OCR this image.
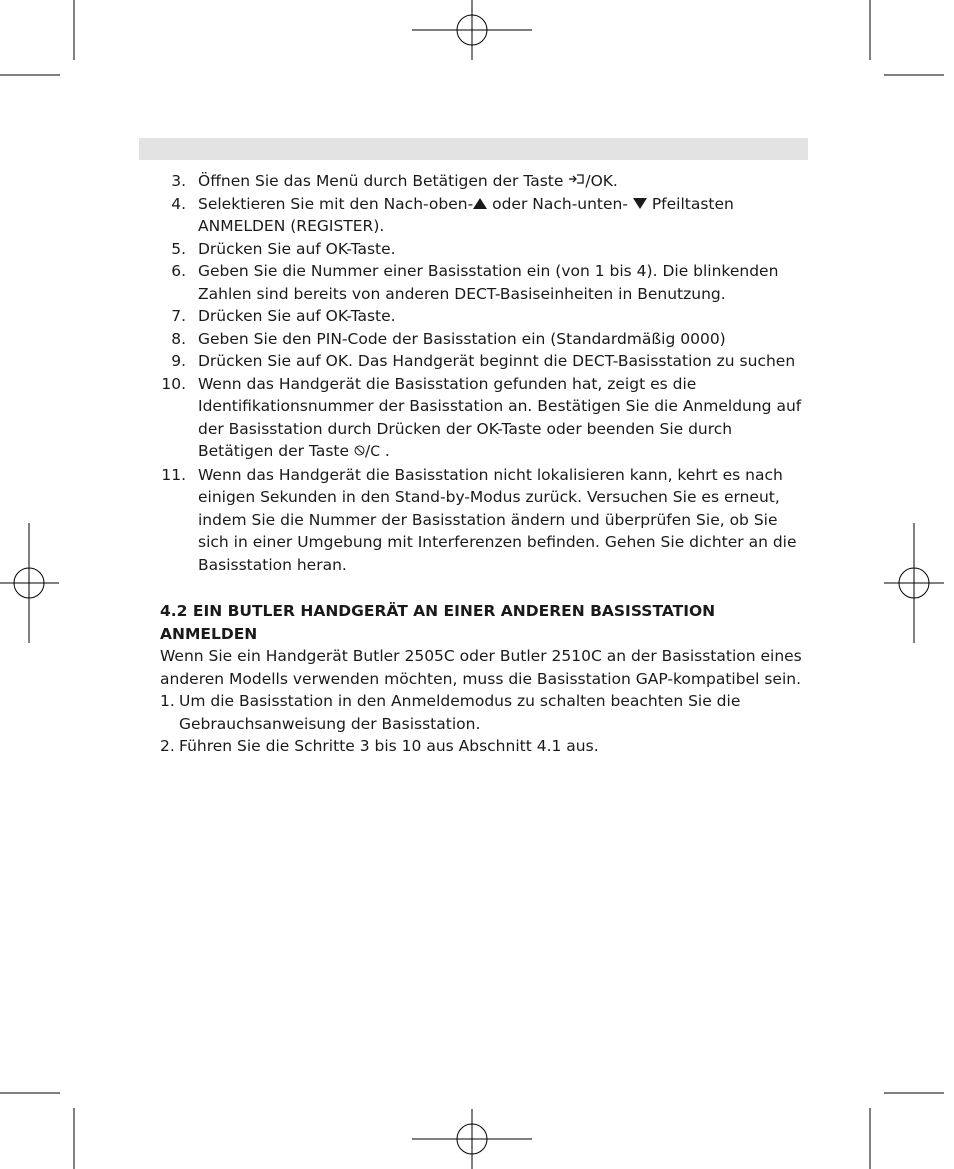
3. Öffnen Sie das Menü durch Betätigen der Taste /OK.
4. Selektieren Sie mit den Nach-oben- oder Nach-unten-  Pfeiltasten ANMELDEN (REGISTER).
5. Drücken Sie auf OK-Taste.
6. Geben Sie die Nummer einer Basisstation ein (von 1 bis 4). Die blinkenden Zahlen sind bereits von anderen DECT-Basiseinheiten in Benutzung.
7. Drücken Sie auf OK-Taste.
8. Geben Sie den PIN-Code der Basisstation ein (Standardmäßig 0000)
9. Drücken Sie auf OK. Das Handgerät beginnt die DECT-Basisstation zu suchen
10. Wenn das Handgerät die Basisstation gefunden hat, zeigt es die Identifikationsnummer der Basisstation an. Bestätigen Sie die Anmeldung auf der Basisstation durch Drücken der OK-Taste oder beenden Sie durch Betätigen der Taste /C .
11. Wenn das Handgerät die Basisstation nicht lokalisieren kann, kehrt es nach einigen Sekunden in den Stand-by-Modus zurück. Versuchen Sie es erneut, indem Sie die Nummer der Basisstation ändern und überprüfen Sie, ob Sie sich in einer Umgebung mit Interferenzen befinden. Gehen Sie dichter an die Basisstation heran.
4.2 EIN BUTLER HANDGERÄT AN EINER ANDEREN BASISSTATION ANMELDEN
Wenn Sie ein Handgerät Butler 2505C oder Butler 2510C an der Basisstation eines anderen Modells verwenden möchten, muss die Basisstation GAP-kompatibel sein.
1. Um die Basisstation in den Anmeldemodus zu schalten beachten Sie die Gebrauchsanweisung der Basisstation.
2. Führen Sie die Schritte 3 bis 10 aus Abschnitt 4.1 aus.
